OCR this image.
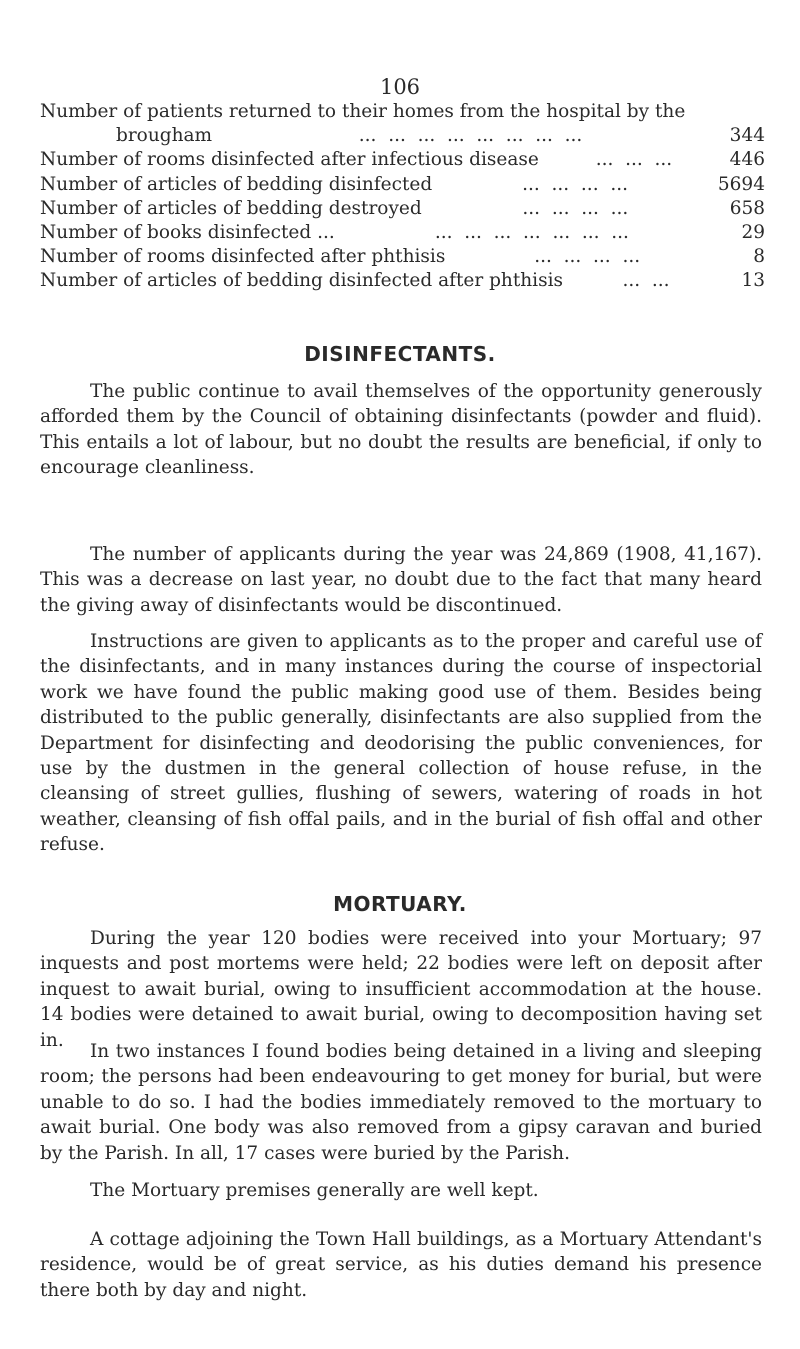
106
Number of patients returned to their homes from the hospital by the
brougham	...  ...  ...  ...  ...  ...  ...  ...	344
Number of rooms disinfected after infectious disease	...  ...  ...	446
Number of articles of bedding disinfected	...  ...  ...  ...	5694
Number of articles of bedding destroyed	...  ...  ...  ...	658
Number of books disinfected ...	...  ...  ...  ...  ...  ...  ...	29
Number of rooms disinfected after phthisis	...  ...  ...  ...	8
Number of articles of bedding disinfected after phthisis	...  ...	13
DISINFECTANTS.

The public continue to avail themselves of the opportunity generously afforded them by the Council of obtaining disinfectants (powder and fluid). This entails a lot of labour, but no doubt the results are beneficial, if only to encourage cleanliness.

The number of applicants during the year was 24,869 (1908, 41,167). This was a decrease on last year, no doubt due to the fact that many heard the giving away of disinfectants would be discontinued.

Instructions are given to applicants as to the proper and careful use of the disinfectants, and in many instances during the course of inspectorial work we have found the public making good use of them. Besides being distributed to the public generally, disinfectants are also supplied from the Department for disinfecting and deodorising the public conveniences, for use by the dustmen in the general collection of house refuse, in the cleansing of street gullies, flushing of sewers, watering of roads in hot weather, cleansing of fish offal pails, and in the burial of fish offal and other refuse.

MORTUARY.

During the year 120 bodies were received into your Mortuary; 97 inquests and post mortems were held; 22 bodies were left on deposit after inquest to await burial, owing to insufficient accommodation at the house. 14 bodies were detained to await burial, owing to decomposition having set in.

In two instances I found bodies being detained in a living and sleeping room; the persons had been endeavouring to get money for burial, but were unable to do so. I had the bodies immediately removed to the mortuary to await burial. One body was also removed from a gipsy caravan and buried by the Parish. In all, 17 cases were buried by the Parish.

The Mortuary premises generally are well kept.

A cottage adjoining the Town Hall buildings, as a Mortuary Attendant's residence, would be of great service, as his duties demand his presence there both by day and night.
